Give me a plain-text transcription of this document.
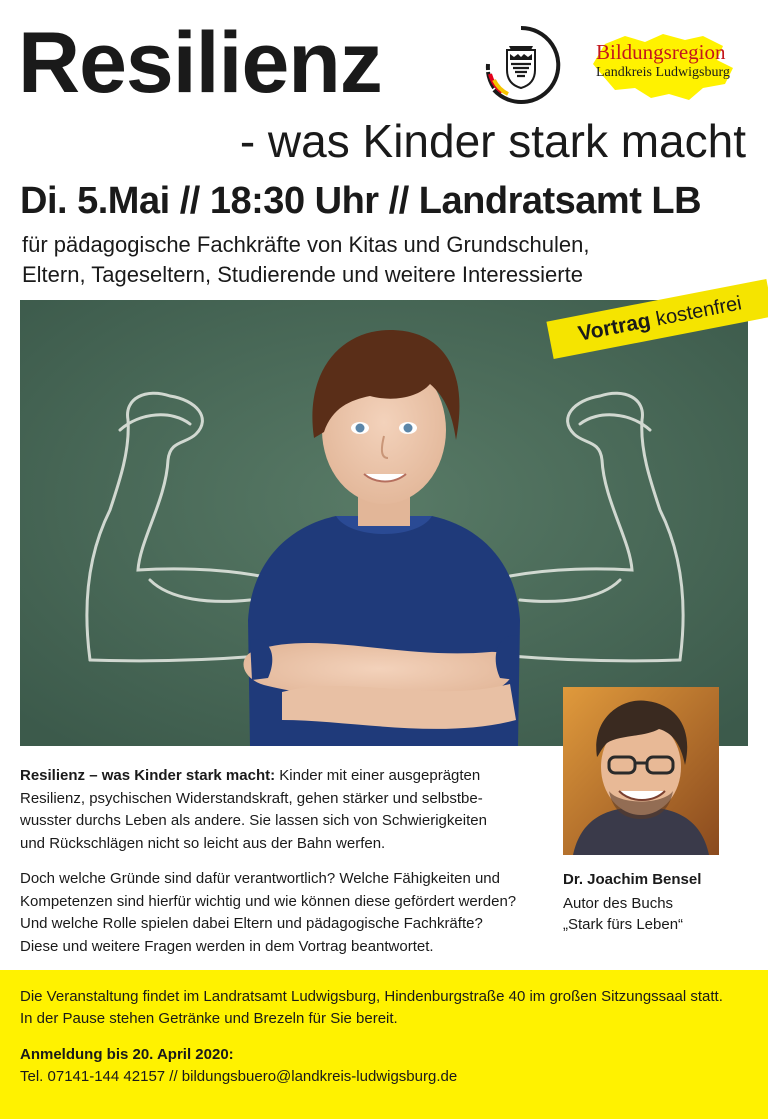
Resilienz
- was Kinder stark macht
Di. 5.Mai // 18:30 Uhr // Landratsamt LB
für pädagogische Fachkräfte von Kitas und Grundschulen,
Eltern, Tageseltern, Studierende und weitere Interessierte
Bildungsregion
Landkreis Ludwigsburg
Vortrag kostenfrei
Dr. Joachim Bensel
Autor des Buchs
„Stark fürs Leben“
Resilienz – was Kinder stark macht: Kinder mit einer ausgeprägten
Resilienz, psychischen Widerstandskraft, gehen stärker und selbstbe-
wusster durchs Leben als andere. Sie lassen sich von Schwierigkeiten
und Rückschlägen nicht so leicht aus der Bahn werfen.
Doch welche Gründe sind dafür verantwortlich? Welche Fähigkeiten und
Kompetenzen sind hierfür wichtig und wie können diese gefördert werden?
Und welche Rolle spielen dabei Eltern und pädagogische Fachkräfte?
Diese und weitere Fragen werden in dem Vortrag beantwortet.
Die Veranstaltung findet im Landratsamt Ludwigsburg, Hindenburgstraße 40 im großen Sitzungssaal statt.
In der Pause stehen Getränke und Brezeln für Sie bereit.
Anmeldung bis 20. April 2020:
Tel. 07141-144 42157 // bildungsbuero@landkreis-ludwigsburg.de
